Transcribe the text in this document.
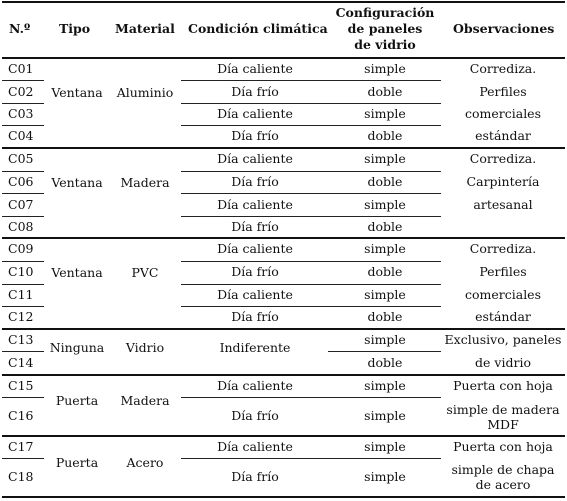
N.º Tipo Material Condición climática
Configuración
de paneles
de vidrio
Observaciones
C01
C02
C03
C04
C05
C06
C07
C08
C09
C10
C11
C12
C13
C14
C15
C16
C17
C18
Ventana
Ventana
Ventana
Ninguna
Puerta
Puerta
Aluminio
Madera
PVC
Vidrio
Madera
Acero
Día caliente
Día frío
Día caliente
Día frío
Día caliente
Día frío
Día caliente
Día frío
Día caliente
Día frío
Día caliente
Día frío
Indiferente
Día caliente
Día frío
Día caliente
Día frío
simple
doble
simple
doble
simple
doble
simple
doble
simple
doble
simple
doble
simple
doble
simple
simple
simple
simple
Corrediza.
Perfiles
comerciales
estándar
Corrediza.
Carpintería
artesanal
Corrediza.
Perfiles
comerciales
estándar
Exclusivo, paneles
de vidrio
Puerta con hoja
simple de madera
MDF
Puerta con hoja
simple de chapa
de acero
